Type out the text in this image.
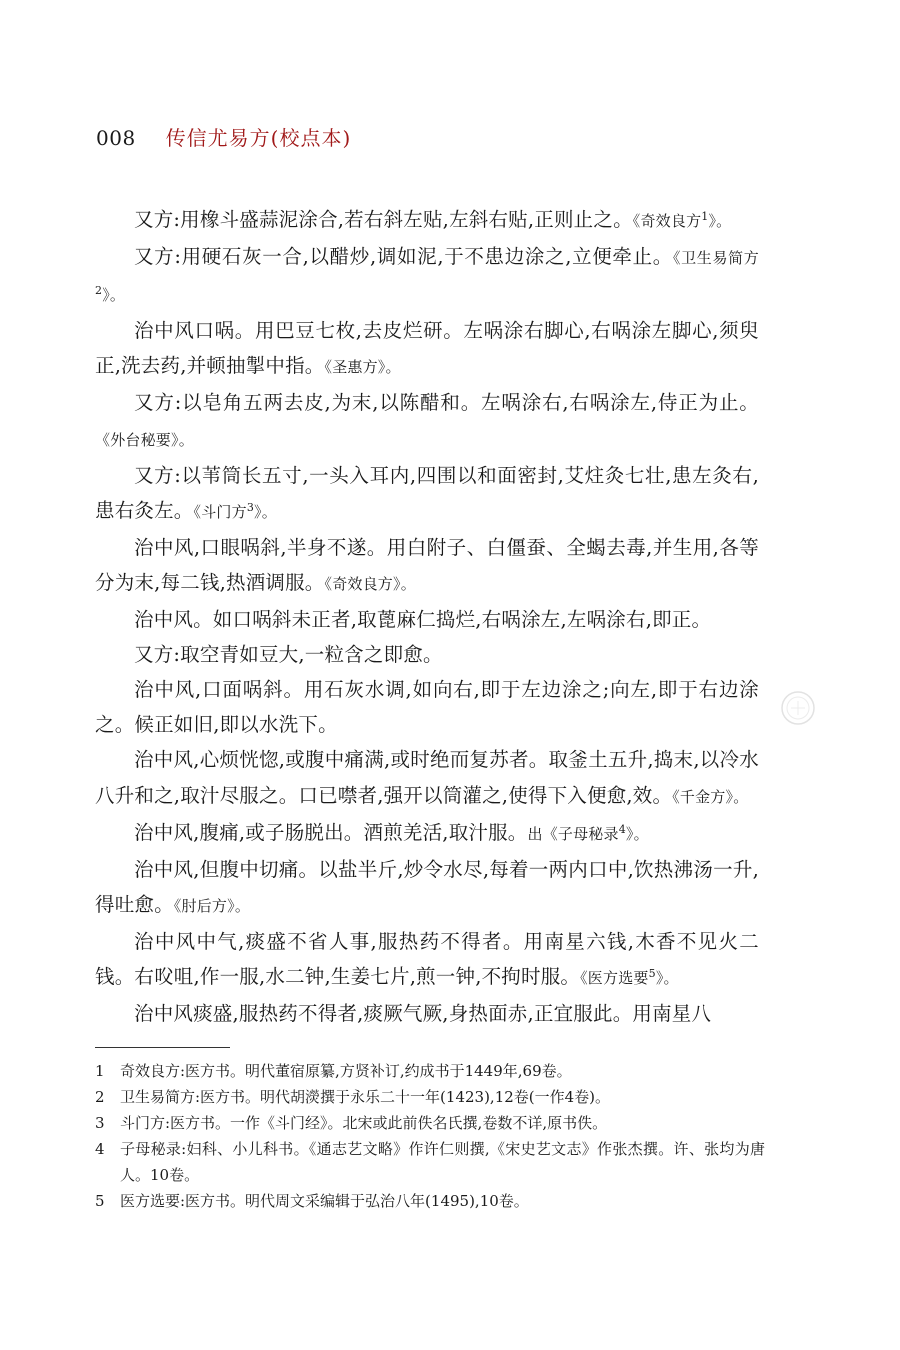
008 传信尤易方(校点本)

又方:用橡斗盛蒜泥涂合,若右斜左贴,左斜右贴,正则止之。《奇效良方$^1$》。

又方:用硬石灰一合,以醋炒,调如泥,于不患边涂之,立便牵止。《卫生易简方$^2$》。

治中风口㖞。用巴豆七枚,去皮烂研。左㖞涂右脚心,右㖞涂左脚心,须臾正,洗去药,并顿抽掣中指。《圣惠方》。

又方:以皂角五两去皮,为末,以陈醋和。左㖞涂右,右㖞涂左,侍正为止。《外台秘要》。

又方:以苇筒长五寸,一头入耳内,四围以和面密封,艾炷灸七壮,患左灸右,患右灸左。《斗门方$^3$》。

治中风,口眼㖞斜,半身不遂。用白附子、白僵蚕、全蝎去毒,并生用,各等分为末,每二钱,热酒调服。《奇效良方》。

治中风。如口㖞斜未正者,取蓖麻仁捣烂,右㖞涂左,左㖞涂右,即正。

又方:取空青如豆大,一粒含之即愈。

治中风,口面㖞斜。用石灰水调,如向右,即于左边涂之;向左,即于右边涂之。候正如旧,即以水洗下。

治中风,心烦恍惚,或腹中痛满,或时绝而复苏者。取釜土五升,捣末,以冷水八升和之,取汁尽服之。口已噤者,强开以筒灌之,使得下入便愈,效。《千金方》。

治中风,腹痛,或子肠脱出。酒煎羌活,取汁服。出《子母秘录$^4$》。

治中风,但腹中切痛。以盐半斤,炒令水尽,每着一两内口中,饮热沸汤一升,得吐愈。《肘后方》。

治中风中气,痰盛不省人事,服热药不得者。用南星六钱,木香不见火二钱。右㕮咀,作一服,水二钟,生姜七片,煎一钟,不拘时服。《医方选要$^5$》。

治中风痰盛,服热药不得者,痰厥气厥,身热面赤,正宜服此。用南星八

1	奇效良方:医方书。明代董宿原纂,方贤补订,约成书于1449年,69卷。
2	卫生易简方:医方书。明代胡濙撰于永乐二十一年(1423),12卷(一作4卷)。
3	斗门方:医方书。一作《斗门经》。北宋或此前佚名氏撰,卷数不详,原书佚。
4	子母秘录:妇科、小儿科书。《通志艺文略》作许仁则撰,《宋史艺文志》作张杰撰。许、张均为唐人。10卷。
5	医方选要:医方书。明代周文采编辑于弘治八年(1495),10卷。
